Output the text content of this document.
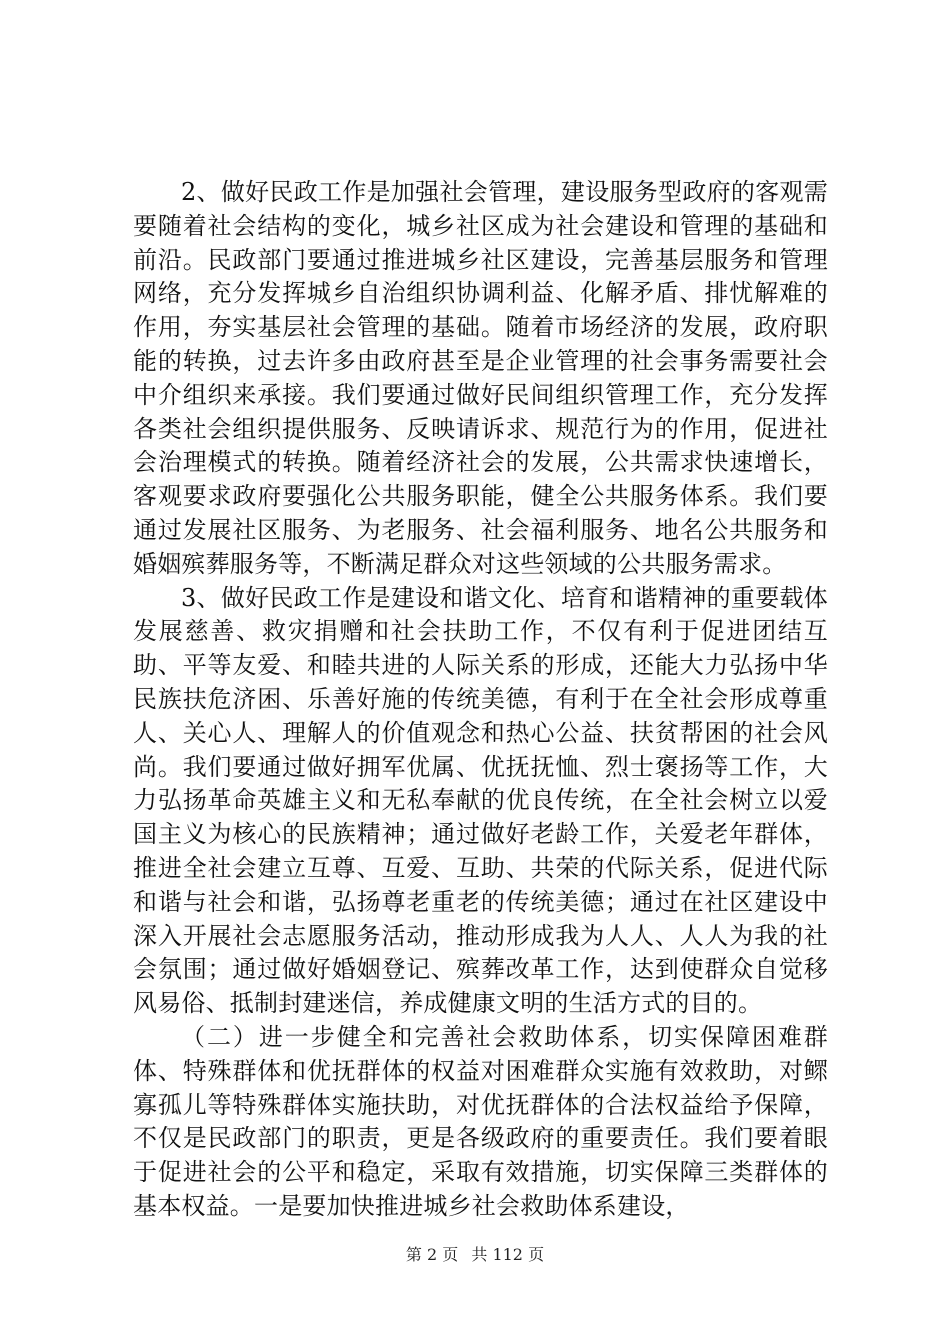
2、做好民政工作是加强社会管理，建设服务型政府的客观需要随着社会结构的变化，城乡社区成为社会建设和管理的基础和前沿。民政部门要通过推进城乡社区建设，完善基层服务和管理网络，充分发挥城乡自治组织协调利益、化解矛盾、排忧解难的作用，夯实基层社会管理的基础。随着市场经济的发展，政府职能的转换，过去许多由政府甚至是企业管理的社会事务需要社会中介组织来承接。我们要通过做好民间组织管理工作，充分发挥各类社会组织提供服务、反映请诉求、规范行为的作用，促进社会治理模式的转换。随着经济社会的发展，公共需求快速增长，客观要求政府要强化公共服务职能，健全公共服务体系。我们要通过发展社区服务、为老服务、社会福利服务、地名公共服务和婚姻殡葬服务等，不断满足群众对这些领域的公共服务需求。

3、做好民政工作是建设和谐文化、培育和谐精神的重要载体发展慈善、救灾捐赠和社会扶助工作，不仅有利于促进团结互助、平等友爱、和睦共进的人际关系的形成，还能大力弘扬中华民族扶危济困、乐善好施的传统美德，有利于在全社会形成尊重人、关心人、理解人的价值观念和热心公益、扶贫帮困的社会风尚。我们要通过做好拥军优属、优抚抚恤、烈士褒扬等工作，大力弘扬革命英雄主义和无私奉献的优良传统，在全社会树立以爱国主义为核心的民族精神；通过做好老龄工作，关爱老年群体，推进全社会建立互尊、互爱、互助、共荣的代际关系，促进代际和谐与社会和谐，弘扬尊老重老的传统美德；通过在社区建设中深入开展社会志愿服务活动，推动形成我为人人、人人为我的社会氛围；通过做好婚姻登记、殡葬改革工作，达到使群众自觉移风易俗、抵制封建迷信，养成健康文明的生活方式的目的。

（二）进一步健全和完善社会救助体系，切实保障困难群体、特殊群体和优抚群体的权益对困难群众实施有效救助，对鳏寡孤儿等特殊群体实施扶助，对优抚群体的合法权益给予保障，不仅是民政部门的职责，更是各级政府的重要责任。我们要着眼于促进社会的公平和稳定，采取有效措施，切实保障三类群体的基本权益。一是要加快推进城乡社会救助体系建设，

第 2 页 共 112 页
